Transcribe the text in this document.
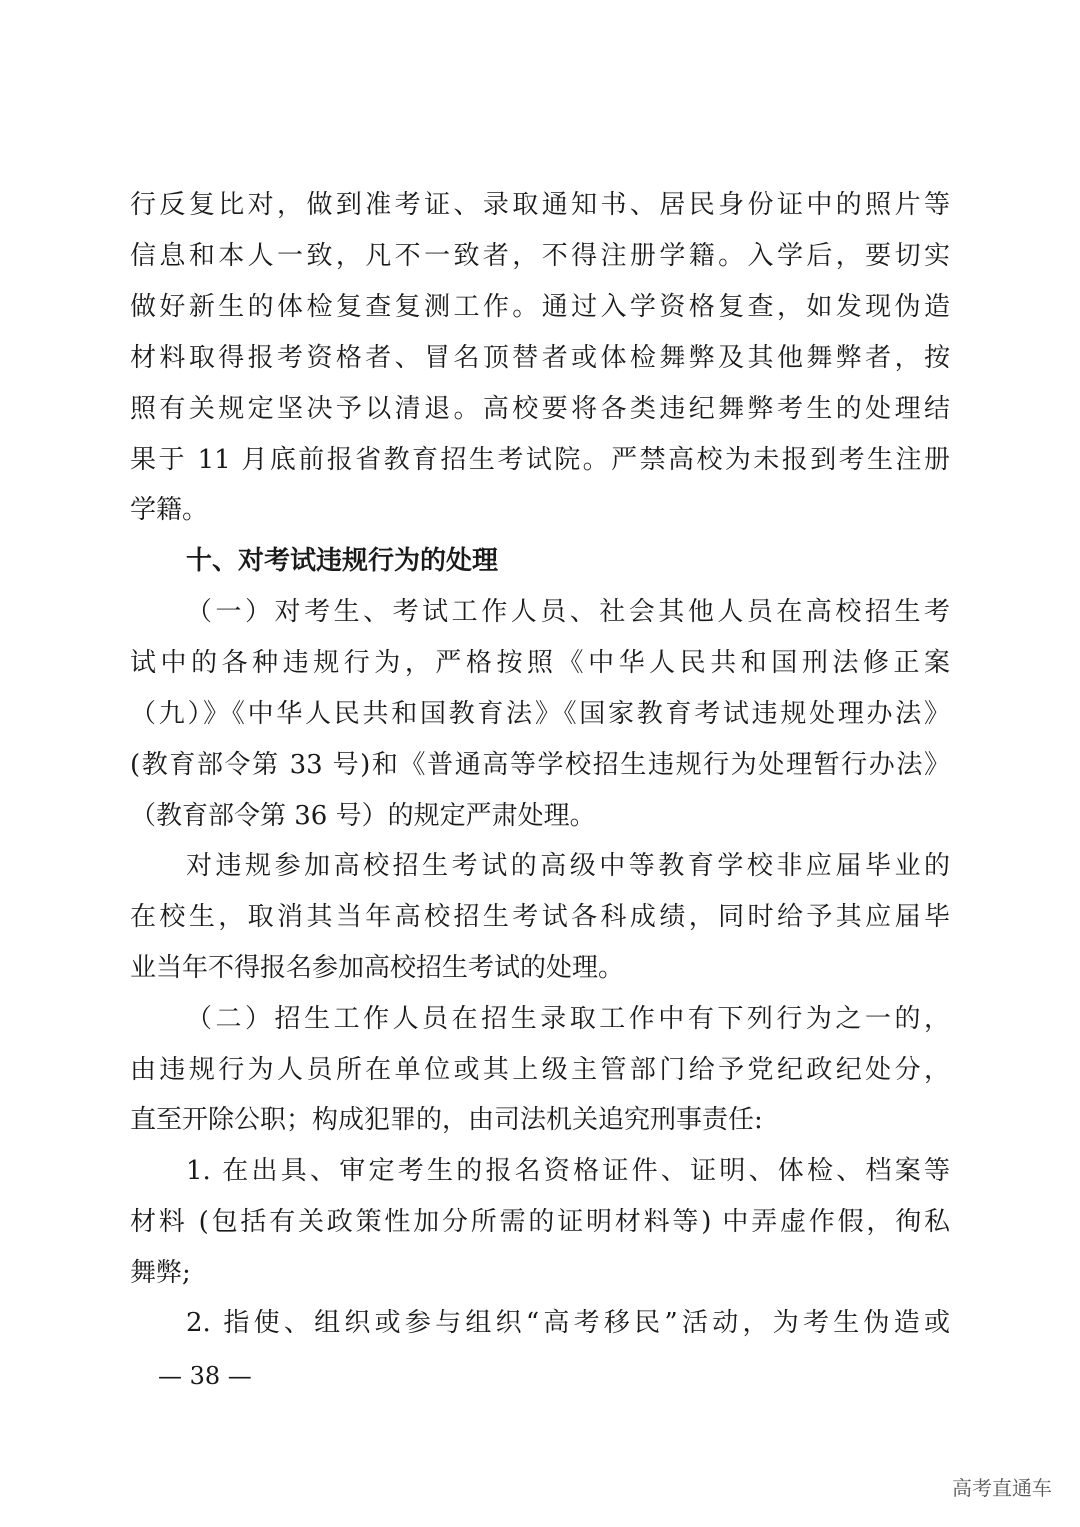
行反复比对，做到准考证、录取通知书、居民身份证中的照片等
信息和本人一致，凡不一致者，不得注册学籍。入学后，要切实
做好新生的体检复查复测工作。通过入学资格复查，如发现伪造
材料取得报考资格者、冒名顶替者或体检舞弊及其他舞弊者，按
照有关规定坚决予以清退。高校要将各类违纪舞弊考生的处理结
果于 11 月底前报省教育招生考试院。严禁高校为未报到考生注册
学籍。
十、对考试违规行为的处理
（一）对考生、考试工作人员、社会其他人员在高校招生考
试中的各种违规行为，严格按照《中华人民共和国刑法修正案
（九）》《中华人民共和国教育法》《国家教育考试违规处理办法》
(教育部令第 33 号)和《普通高等学校招生违规行为处理暂行办法》
（教育部令第 36 号）的规定严肃处理。
对违规参加高校招生考试的高级中等教育学校非应届毕业的
在校生，取消其当年高校招生考试各科成绩，同时给予其应届毕
业当年不得报名参加高校招生考试的处理。
（二）招生工作人员在招生录取工作中有下列行为之一的，
由违规行为人员所在单位或其上级主管部门给予党纪政纪处分，
直至开除公职；构成犯罪的，由司法机关追究刑事责任:
1. 在出具、审定考生的报名资格证件、证明、体检、档案等
材料 (包括有关政策性加分所需的证明材料等) 中弄虚作假，徇私
舞弊;
2. 指使、组织或参与组织“高考移民”活动，为考生伪造或
— 38 —
高考直通车
